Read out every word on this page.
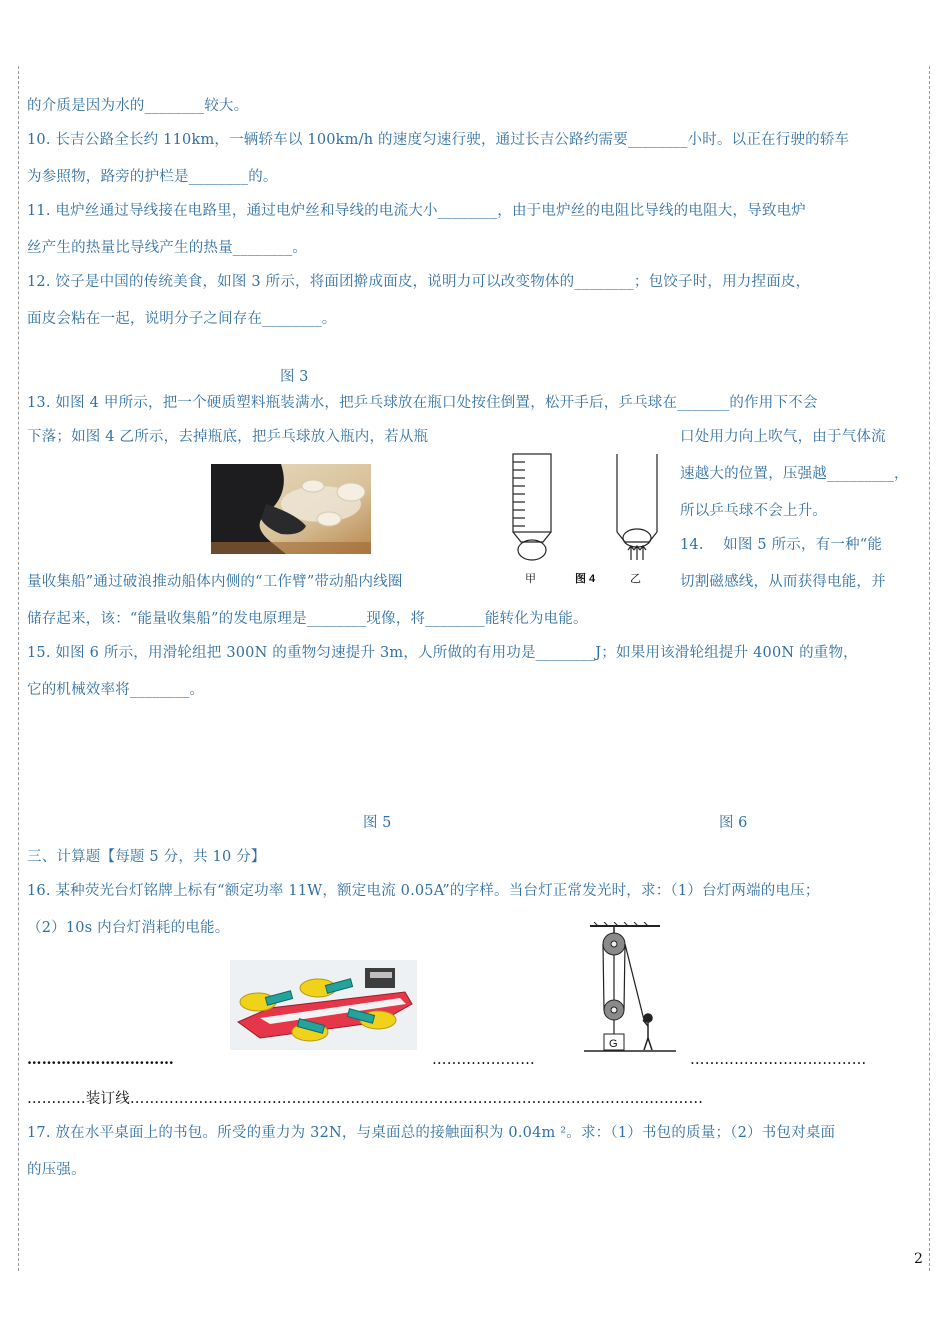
的介质是因为水的________较大。
10. 长吉公路全长约 110km，一辆轿车以 100km/h 的速度匀速行驶，通过长吉公路约需要________小时。以正在行驶的轿车
为参照物，路旁的护栏是________的。
11. 电炉丝通过导线接在电路里，通过电炉丝和导线的电流大小________，由于电炉丝的电阻比导线的电阻大，导致电炉
丝产生的热量比导线产生的热量________。
12. 饺子是中国的传统美食，如图 3 所示，将面团擀成面皮，说明力可以改变物体的________；包饺子时，用力捏面皮，
面皮会粘在一起，说明分子之间存在________。
图 3
13. 如图 4 甲所示，把一个硬质塑料瓶装满水，把乒乓球放在瓶口处按住倒置，松开手后，乒乓球在_______的作用下不会
下落；如图 4 乙所示，去掉瓶底，把乒乓球放入瓶内，若从瓶	口处用力向上吹气，由于气体流
速越大的位置，压强越_________，
所以乒乓球不会上升。
14.　 如图 5 所示，有一种“能
量收集船”通过破浪推动船体内侧的“工作臂”带动船内线圈	切割磁感线，从而获得电能，并
储存起来，该：“能量收集船”的发电原理是________现像，将________能转化为电能。
15. 如图 6 所示，用滑轮组把 300N 的重物匀速提升 3m，人所做的有用功是________J；如果用该滑轮组提升 400N 的重物，
它的机械效率将________。
图 5	图 6
三、计算题【每题 5 分，共 10 分】
16. 某种荧光台灯铭牌上标有“额定功率 11W，额定电流 0.05A”的字样。当台灯正常发光时，求：（1）台灯两端的电压；
（2）10s 内台灯消耗的电能。
…………………………	…………………	………………………………
…………装订线………………………………………………………………………………………………………
17. 放在水平桌面上的书包。所受的重力为 32N，与桌面总的接触面积为 0.04m ²。求：（1）书包的质量；（2）书包对桌面
的压强。
2
甲	图 4	乙
G
